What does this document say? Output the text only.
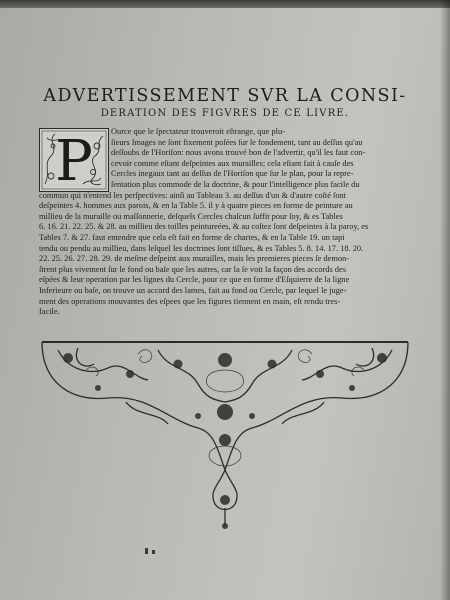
ADVERTISSEMENT SVR LA CONSI-
DERATION DES FIGVRES DE CE LIVRE.
P	Ource que le ſpectateur trouveroit eſtrange, que plu-
ſieurs Images ne ſont fixement poſées ſur le fondement, tant au deſſus qu'au
deſſoubs de l'Horiſon: nous avons trouvé bon de l'advertir, qu'il les faut con-
cevoir comme eſtant deſpeintes aux murailles; cela eſtant fait à cauſe des
Cercles inegaux tant au deſſus de l'Horiſon que ſur le plan, pour la repre-
ſentation plus commode de la doctrine, & pour l'intelligence plus facile du
commun qui n'entend les perſpectives: ainſi au Tableau 3. au deſſus d'un & d'autre coſté ſont
deſpeintes 4. hommes aux parois, & en la Table 5. il y à quatre pieces en forme de peinture au
millieu de la muraille ou maſſonnerie, deſquels Cercles chaſcun ſuffit pour ſoy, & es Tables
6. 16. 21. 22. 25. & 28. au millieu des toilles peintureées, & au coſtez ſont deſpeintes à la paroy, es
Tables 7. & 27. faut entendre que cela eſt fait en forme de chartes, & en la Table 19. un tapi
tendu ou pendu au millieu, dans leſquel les doctrines ſont tiſſues, & es Tables 5. 8. 14. 17. 18. 20.
22. 25. 26. 27. 28. 29. de meſme deſpeint aux murailles, mais les premieres pieces ſe demon-
ſtrent plus vivement ſur le fond ou baſe que les autres, car la ſe voit la façon des accords des
eſpées & leur operation par les lignes du Cercle, pour ce que en forme d'Eſquierre de la ligne
Inferieure ou baſe, on trouve un accord des lames, fait au fond ou Cercle, par lequel le juge-
ment des operations mouvantes des eſpees que les figures tiennent en main, eſt rendu tres-
facile.
